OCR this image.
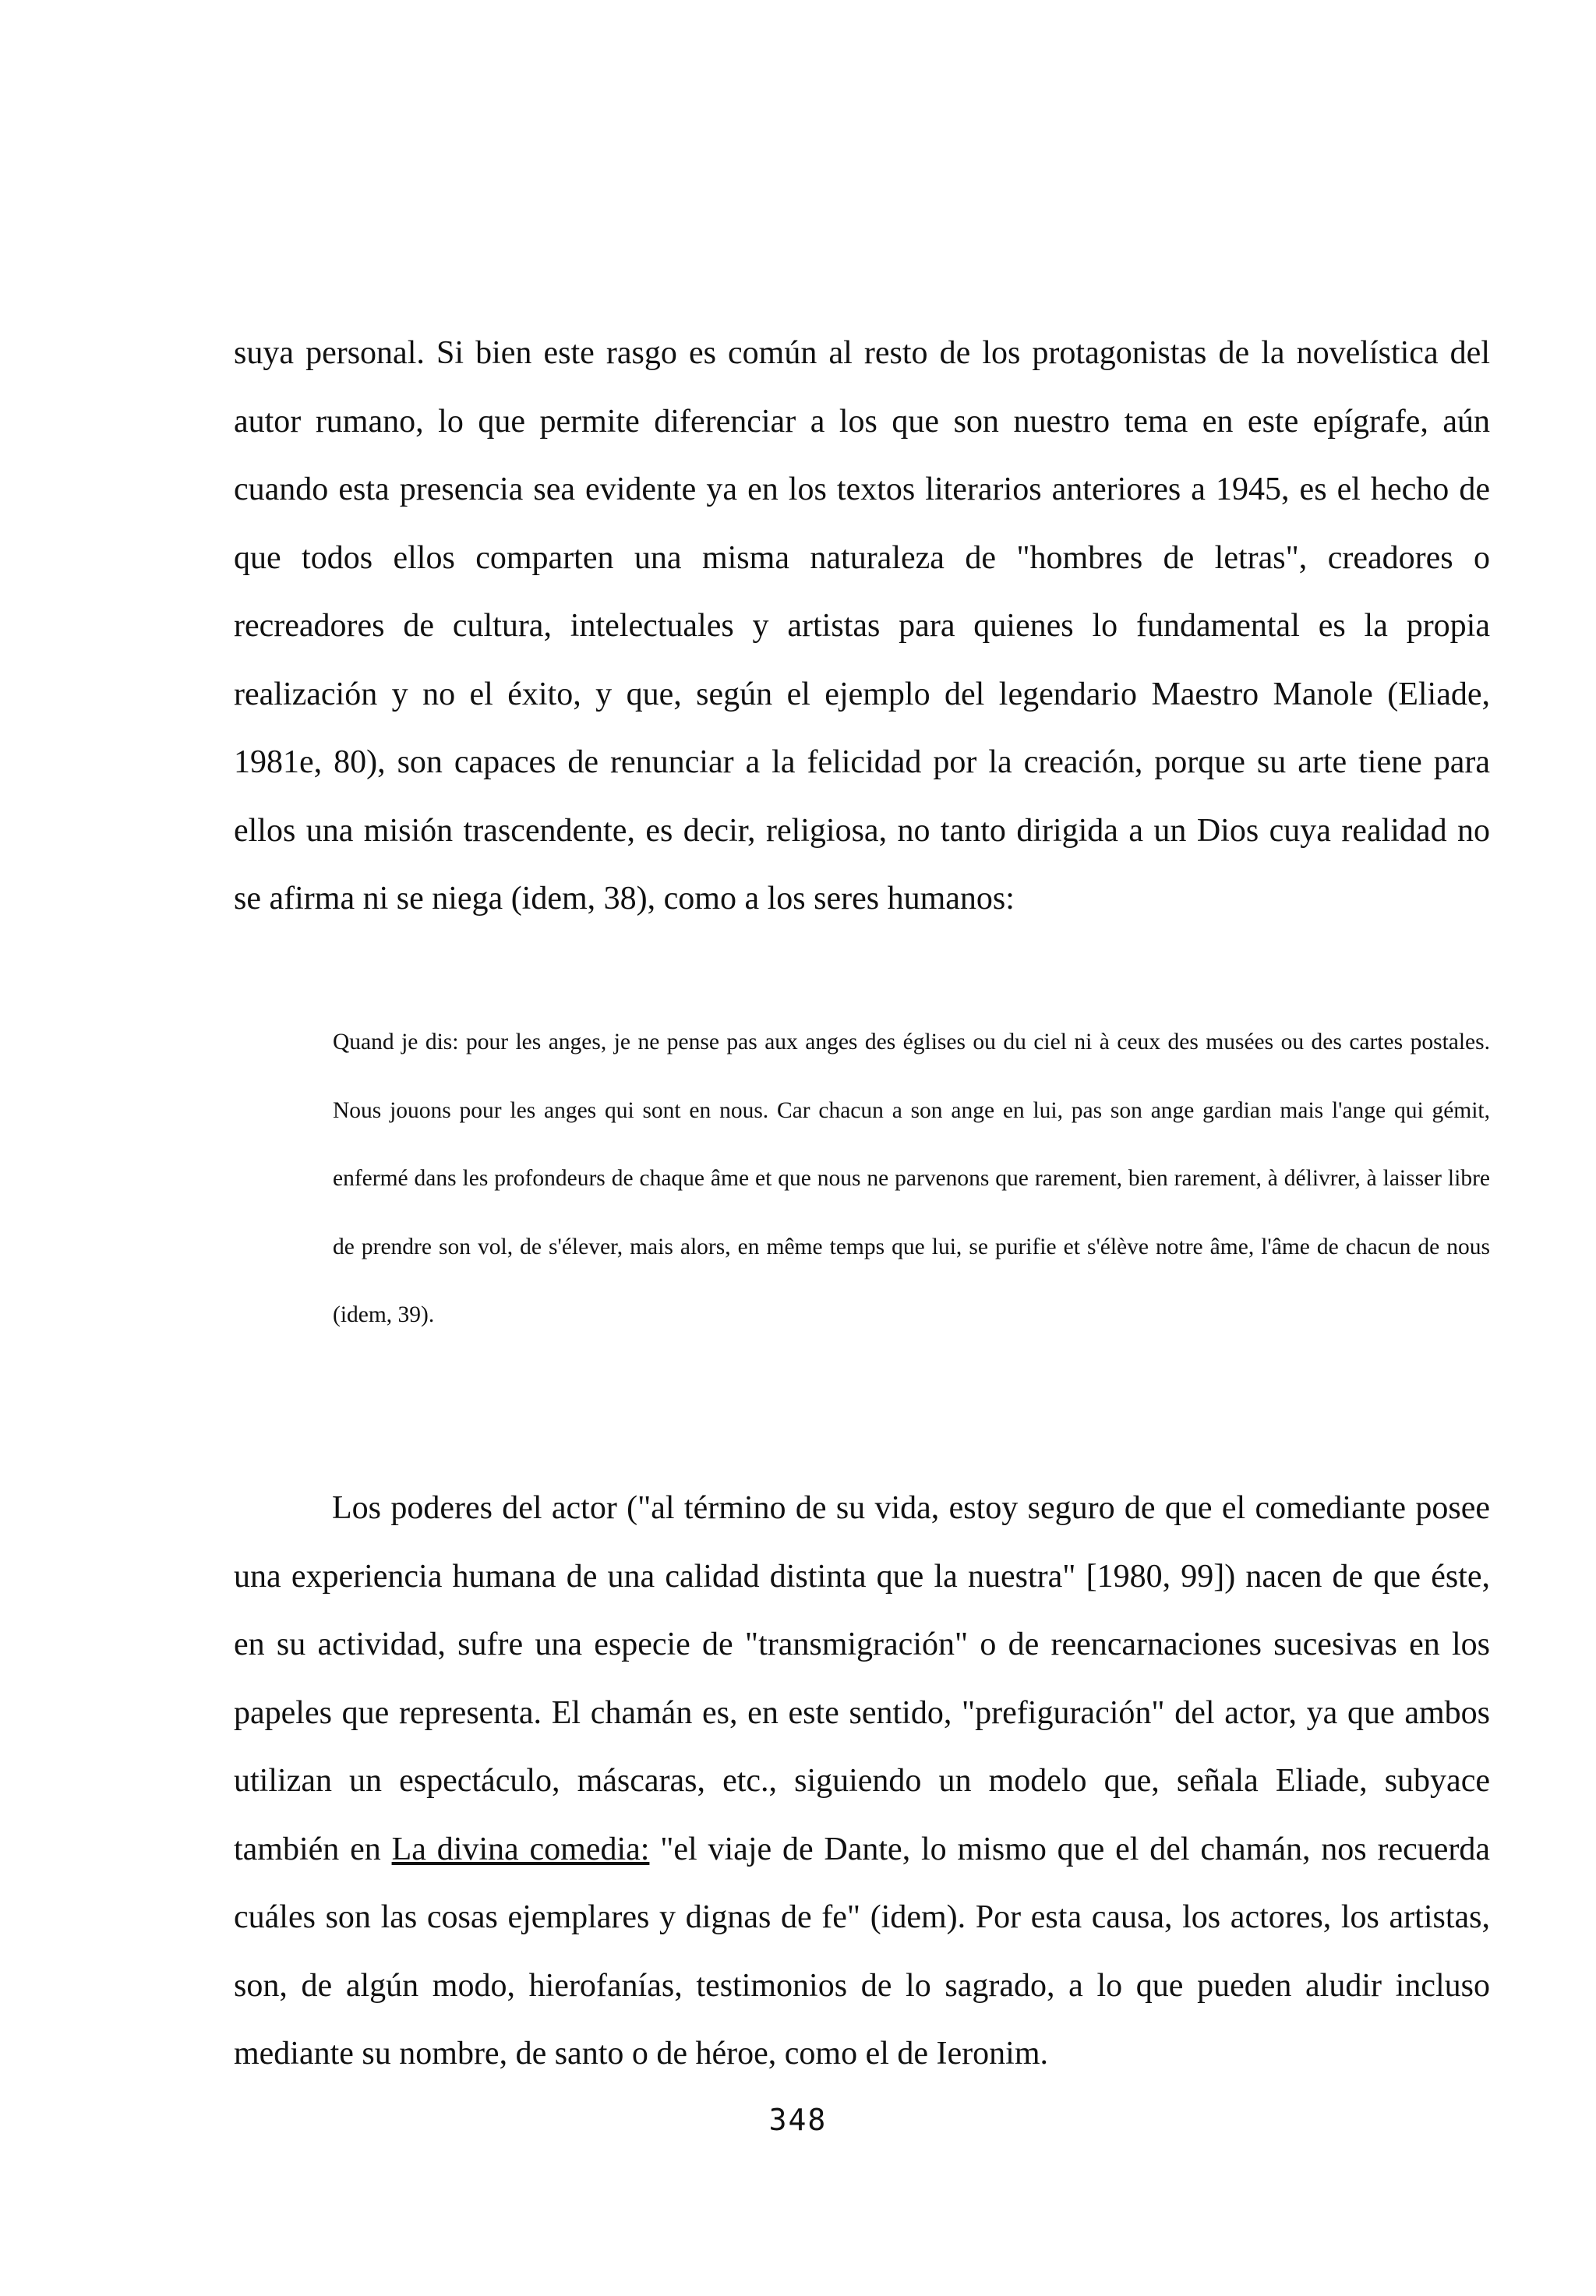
suya personal. Si bien este rasgo es común al resto de los protagonistas de la novelística del autor rumano, lo que permite diferenciar a los que son nuestro tema en este epígrafe, aún cuando esta presencia sea evidente ya en los textos literarios anteriores a 1945, es el hecho de que todos ellos comparten una misma naturaleza de "hombres de letras", creadores o recreadores de cultura, intelectuales y artistas para quienes lo fundamental es la propia realización y no el éxito, y que, según el ejemplo del legendario Maestro Manole (Eliade, 1981e, 80), son capaces de renunciar a la felicidad por la creación, porque su arte tiene para ellos una misión trascendente, es decir, religiosa, no tanto dirigida a un Dios cuya realidad no se afirma ni se niega (idem, 38), como a los seres humanos:

Quand je dis: pour les anges, je ne pense pas aux anges des églises ou du ciel ni à ceux des musées ou des cartes postales. Nous jouons pour les anges qui sont en nous. Car chacun a son ange en lui, pas son ange gardian mais l'ange qui gémit, enfermé dans les profondeurs de chaque âme et que nous ne parvenons que rarement, bien rarement, à délivrer, à laisser libre de prendre son vol, de s'élever, mais alors, en même temps que lui, se purifie et s'élève notre âme, l'âme de chacun de nous (idem, 39).

Los poderes del actor ("al término de su vida, estoy seguro de que el comediante posee una experiencia humana de una calidad distinta que la nuestra" [1980, 99]) nacen de que éste, en su actividad, sufre una especie de "transmigración" o de reencarnaciones sucesivas en los papeles que representa. El chamán es, en este sentido, "prefiguración" del actor, ya que ambos utilizan un espectáculo, máscaras, etc., siguiendo un modelo que, señala Eliade, subyace también en La divina comedia: "el viaje de Dante, lo mismo que el del chamán, nos recuerda cuáles son las cosas ejemplares y dignas de fe" (idem). Por esta causa, los actores, los artistas, son, de algún modo, hierofanías, testimonios de lo sagrado, a lo que pueden aludir incluso mediante su nombre, de santo o de héroe, como el de Ieronim.

348
